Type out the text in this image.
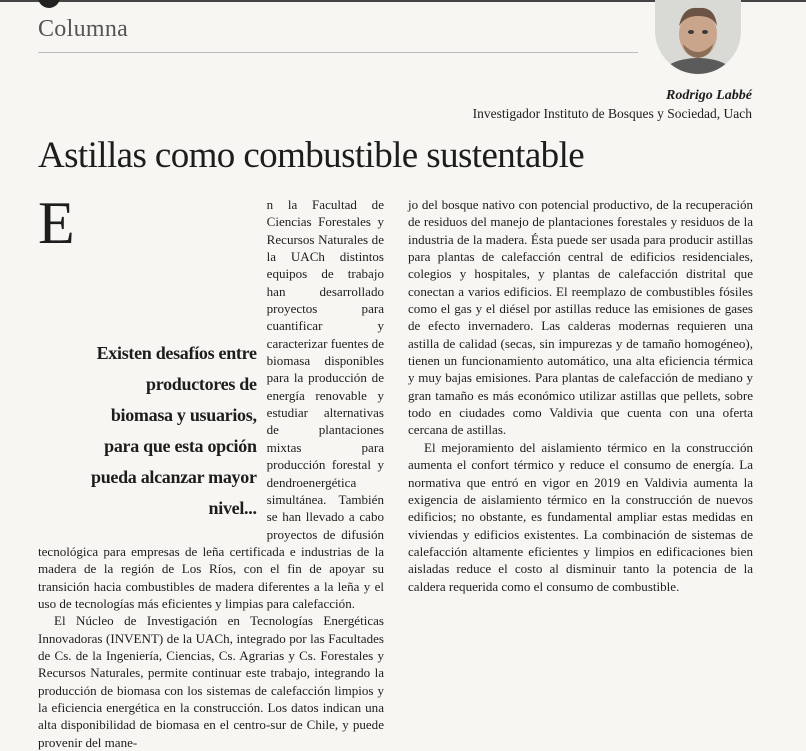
Columna
Rodrigo Labbé
Investigador Instituto de Bosques y Sociedad, Uach
Astillas como combustible sustentable

E
Existen desafíos entre productores de biomasa y usuarios, para que esta opción pueda alcanzar mayor nivel...
n la Facultad de Ciencias Forestales y Recursos Naturales de la UACh distintos equipos de trabajo han desarrollado proyectos para cuantificar y caracterizar fuentes de biomasa disponibles para la producción de energía renovable y estudiar alternativas de plantaciones mixtas para producción forestal y dendroenergética simultánea. También se han llevado a cabo proyectos de difusión tecnológica para empresas de leña certificada e industrias de la madera de la región de Los Ríos, con el fin de apoyar su transición hacia combustibles de madera diferentes a la leña y el uso de tecnologías más eficientes y limpias para calefacción.

El Núcleo de Investigación en Tecnologías Energéticas Innovadoras (INVENT) de la UACh, integrado por las Facultades de Cs. de la Ingeniería, Ciencias, Cs. Agrarias y Cs. Forestales y Recursos Naturales, permite continuar este trabajo, integrando la producción de biomasa con los sistemas de calefacción limpios y la eficiencia energética en la construcción. Los datos indican una alta disponibilidad de biomasa en el centro-sur de Chile, y puede provenir del mane-

jo del bosque nativo con potencial productivo, de la recuperación de residuos del manejo de plantaciones forestales y residuos de la industria de la madera. Ésta puede ser usada para producir astillas para plantas de calefacción central de edificios residenciales, colegios y hospitales, y plantas de calefacción distrital que conectan a varios edificios. El reemplazo de combustibles fósiles como el gas y el diésel por astillas reduce las emisiones de gases de efecto invernadero. Las calderas modernas requieren una astilla de calidad (secas, sin impurezas y de tamaño homogéneo), tienen un funcionamiento automático, una alta eficiencia térmica y muy bajas emisiones. Para plantas de calefacción de mediano y gran tamaño es más económico utilizar astillas que pellets, sobre todo en ciudades como Valdivia que cuenta con una oferta cercana de astillas.

El mejoramiento del aislamiento térmico en la construcción aumenta el confort térmico y reduce el consumo de energía. La normativa que entró en vigor en 2019 en Valdivia aumenta la exigencia de aislamiento térmico en la construcción de nuevos edificios; no obstante, es fundamental ampliar estas medidas en viviendas y edificios existentes. La combinación de sistemas de calefacción altamente eficientes y limpios en edificaciones bien aisladas reduce el costo al disminuir tanto la potencia de la caldera requerida como el consumo de combustible.
